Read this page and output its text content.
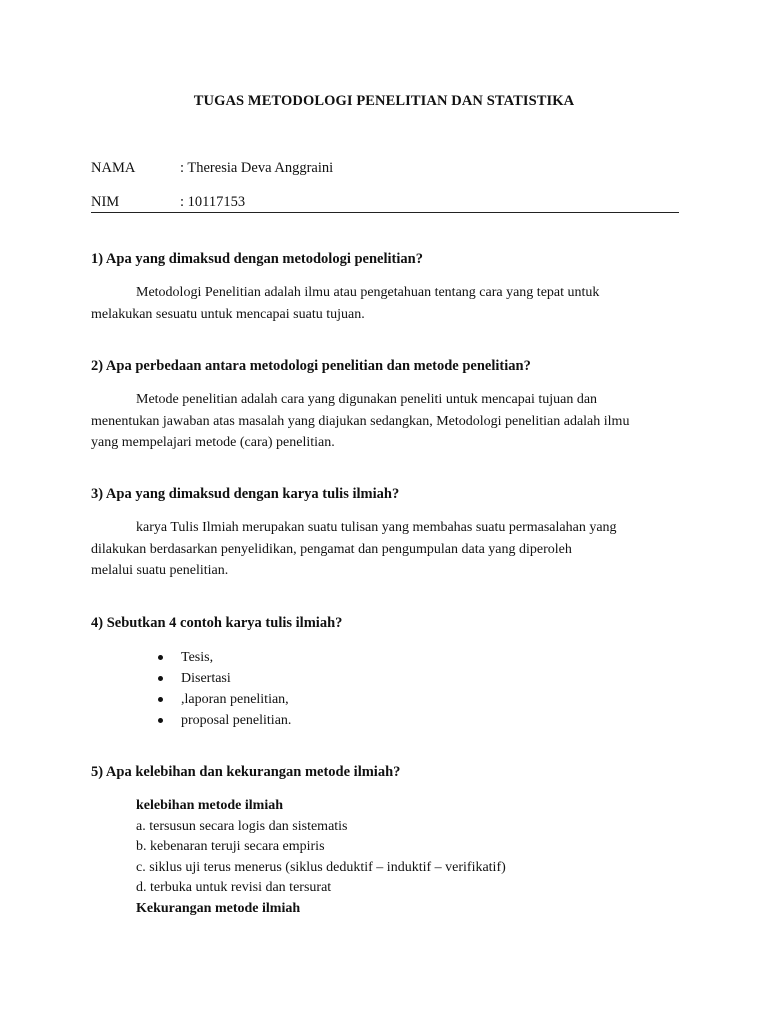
TUGAS METODOLOGI PENELITIAN DAN STATISTIKA
NAMA	: Theresia Deva Anggraini
NIM	: 10117153
1) Apa yang dimaksud dengan metodologi penelitian?
Metodologi Penelitian adalah ilmu atau pengetahuan tentang cara yang tepat untuk
melakukan sesuatu untuk mencapai suatu tujuan.
2) Apa perbedaan antara metodologi penelitian dan metode penelitian?
Metode penelitian adalah cara yang digunakan peneliti untuk mencapai tujuan dan
menentukan jawaban atas masalah yang diajukan sedangkan, Metodologi penelitian adalah ilmu
yang mempelajari metode (cara) penelitian.
3) Apa yang dimaksud dengan karya tulis ilmiah?
karya Tulis Ilmiah merupakan suatu tulisan yang membahas suatu permasalahan yang
dilakukan berdasarkan penyelidikan, pengamat dan pengumpulan data yang diperoleh
melalui suatu penelitian.
4) Sebutkan 4 contoh karya tulis ilmiah?
Tesis,
Disertasi
,laporan penelitian,
proposal penelitian.
5) Apa kelebihan dan kekurangan metode ilmiah?
kelebihan metode ilmiah
a. tersusun secara logis dan sistematis
b. kebenaran teruji secara empiris
c. siklus uji terus menerus (siklus deduktif – induktif – verifikatif)
d. terbuka untuk revisi dan tersurat
Kekurangan metode ilmiah
